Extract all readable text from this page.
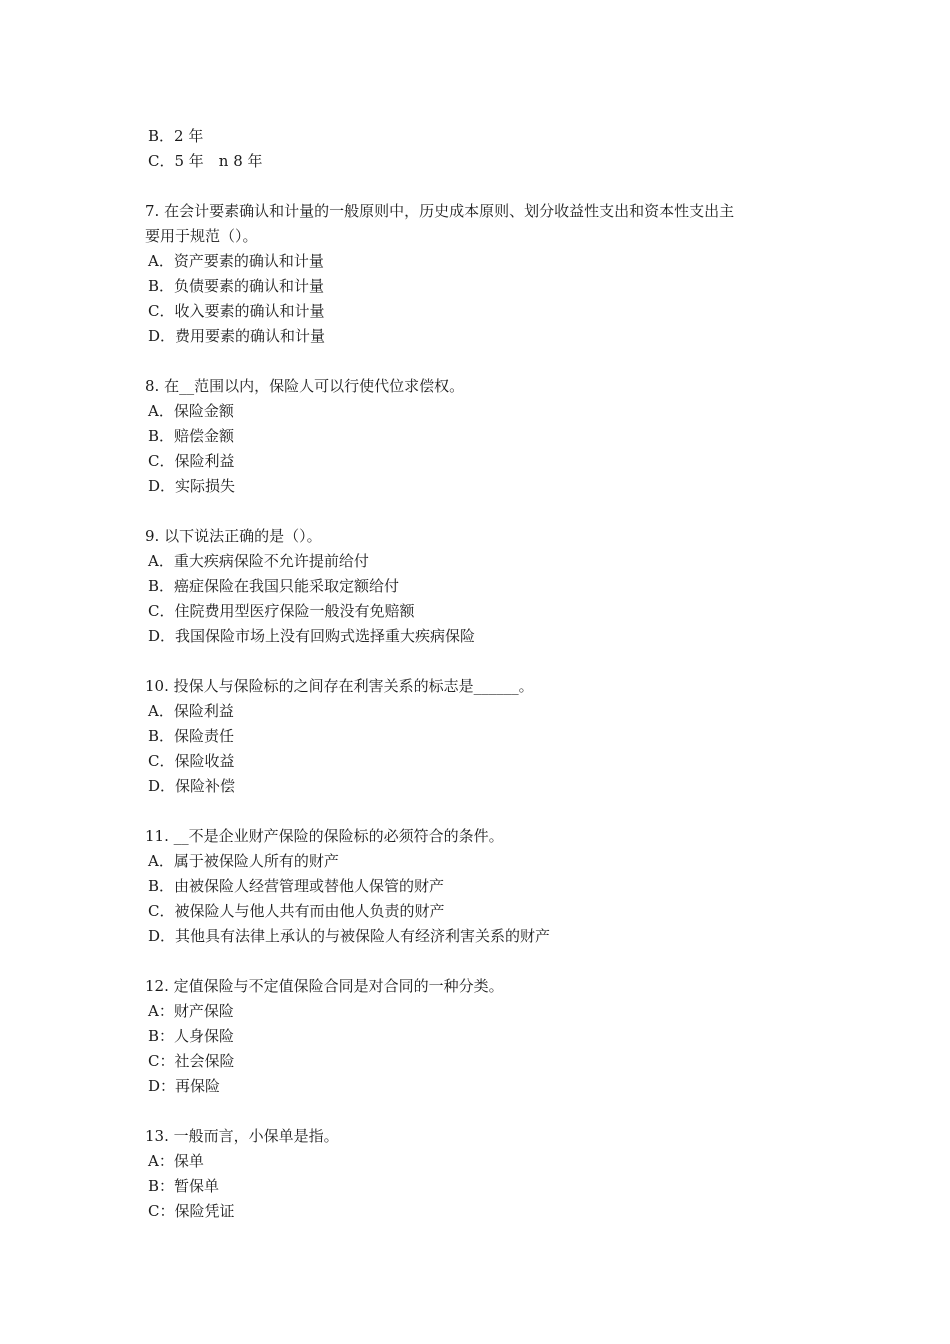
B．2 年

C．5 年　n 8 年

7. 在会计要素确认和计量的一般原则中，历史成本原则、划分收益性支出和资本性支出主

要用于规范（）。

A．资产要素的确认和计量

B．负债要素的确认和计量

C．收入要素的确认和计量

D．费用要素的确认和计量

8. 在__范围以内，保险人可以行使代位求偿权。

A．保险金额

B．赔偿金额

C．保险利益

D．实际损失

9. 以下说法正确的是（）。

A．重大疾病保险不允许提前给付

B．癌症保险在我国只能采取定额给付

C．住院费用型医疗保险一般没有免赔额

D．我国保险市场上没有回购式选择重大疾病保险

10. 投保人与保险标的之间存在利害关系的标志是______。

A．保险利益

B．保险责任

C．保险收益

D．保险补偿

11. __不是企业财产保险的保险标的必须符合的条件。

A．属于被保险人所有的财产

B．由被保险人经营管理或替他人保管的财产

C．被保险人与他人共有而由他人负责的财产

D．其他具有法律上承认的与被保险人有经济利害关系的财产

12. 定值保险与不定值保险合同是对合同的一种分类。

A：财产保险

B：人身保险

C：社会保险

D：再保险

13. 一般而言，小保单是指。

A：保单

B：暂保单

C：保险凭证
